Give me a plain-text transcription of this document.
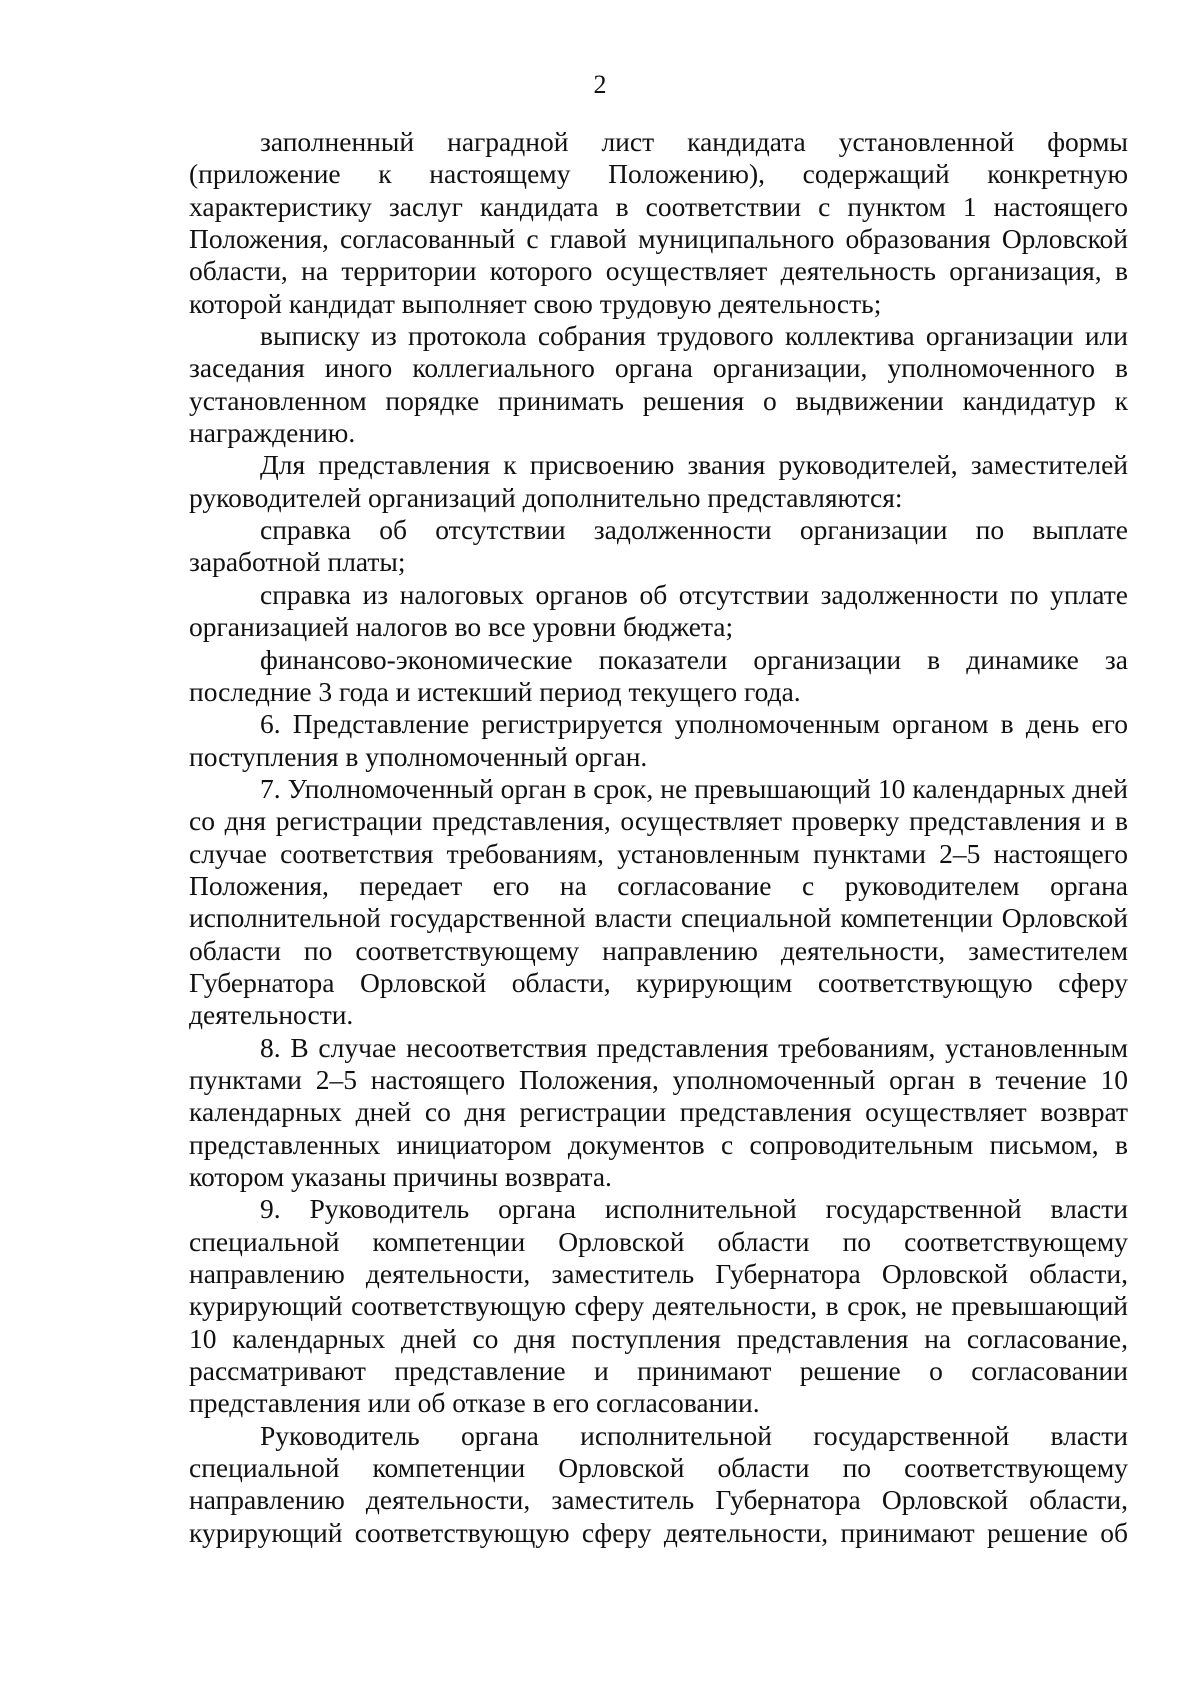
2

заполненный наградной лист кандидата установленной формы (приложение к настоящему Положению), содержащий конкретную характеристику заслуг кандидата в соответствии с пунктом 1 настоящего Положения, согласованный с главой муниципального образования Орловской области, на территории которого осуществляет деятельность организация, в которой кандидат выполняет свою трудовую деятельность;

выписку из протокола собрания трудового коллектива организации или заседания иного коллегиального органа организации, уполномоченного в установленном порядке принимать решения о выдвижении кандидатур к награждению.

Для представления к присвоению звания руководителей, заместителей руководителей организаций дополнительно представляются:

справка об отсутствии задолженности организации по выплате заработной платы;

справка из налоговых органов об отсутствии задолженности по уплате организацией налогов во все уровни бюджета;

финансово-экономические показатели организации в динамике за последние 3 года и истекший период текущего года.

6. Представление регистрируется уполномоченным органом в день его поступления в уполномоченный орган.

7. Уполномоченный орган в срок, не превышающий 10 календарных дней со дня регистрации представления, осуществляет проверку представления и в случае соответствия требованиям, установленным пунктами 2–5 настоящего Положения, передает его на согласование с руководителем органа исполнительной государственной власти специальной компетенции Орловской области по соответствующему направлению деятельности, заместителем Губернатора Орловской области, курирующим соответствующую сферу деятельности.

8. В случае несоответствия представления требованиям, установленным пунктами 2–5 настоящего Положения, уполномоченный орган в течение 10 календарных дней со дня регистрации представления осуществляет возврат представленных инициатором документов с сопроводительным письмом, в котором указаны причины возврата.

9. Руководитель органа исполнительной государственной власти специальной компетенции Орловской области по соответствующему направлению деятельности, заместитель Губернатора Орловской области, курирующий соответствующую сферу деятельности, в срок, не превышающий 10 календарных дней со дня поступления представления на согласование, рассматривают представление и принимают решение о согласовании представления или об отказе в его согласовании.

Руководитель органа исполнительной государственной власти специальной компетенции Орловской области по соответствующему направлению деятельности, заместитель Губернатора Орловской области, курирующий соответствующую сферу деятельности, принимают решение об
